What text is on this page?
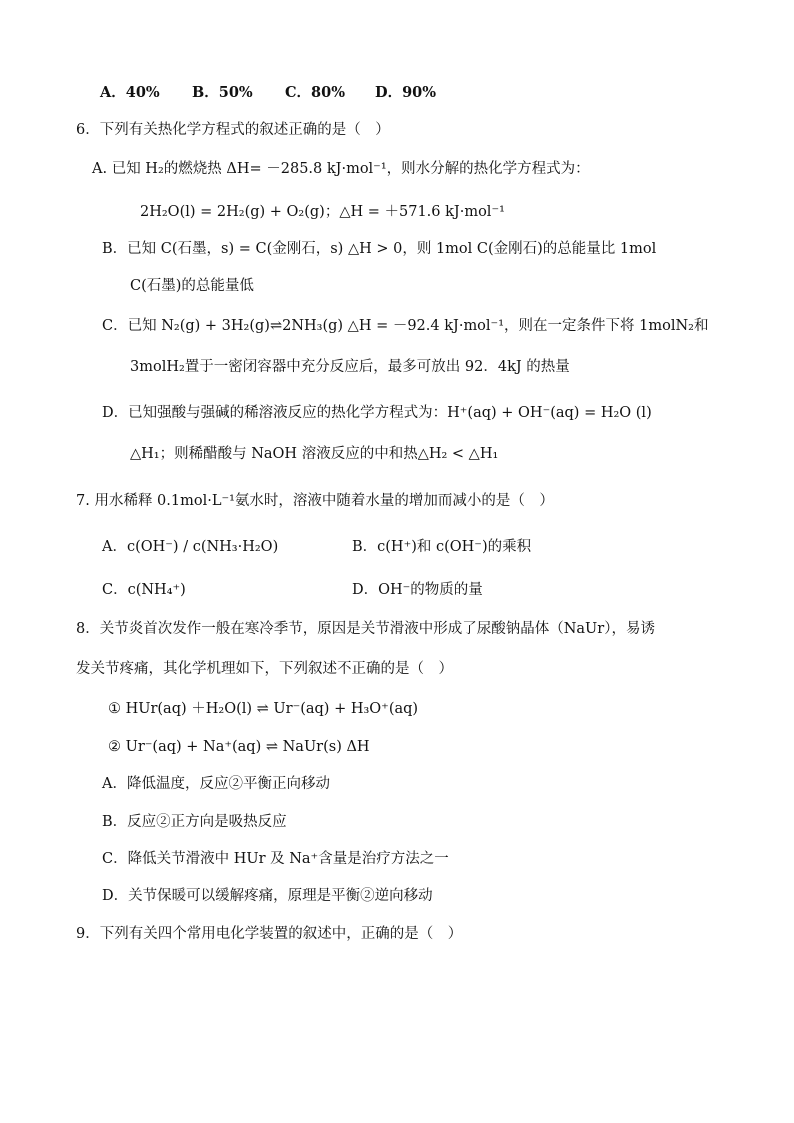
A．40% B．50% C．80% D．90%
6．下列有关热化学方程式的叙述正确的是（　）
A. 已知 H₂的燃烧热 ΔH= －285.8 kJ·mol⁻¹，则水分解的热化学方程式为：
2H₂O(l) = 2H₂(g) + O₂(g)；△H = ＋571.6 kJ·mol⁻¹
B．已知 C(石墨，s) = C(金刚石，s) △H > 0，则 1mol C(金刚石)的总能量比 1mol
C(石墨)的总能量低
C．已知 N₂(g) + 3H₂(g)⇌2NH₃(g) △H = －92.4 kJ·mol⁻¹，则在一定条件下将 1molN₂和
3molH₂置于一密闭容器中充分反应后，最多可放出 92．4kJ 的热量
D．已知强酸与强碱的稀溶液反应的热化学方程式为：H⁺(aq) + OH⁻(aq) = H₂O (l)
△H₁；则稀醋酸与 NaOH 溶液反应的中和热△H₂ < △H₁
7. 用水稀释 0.1mol·L⁻¹氨水时，溶液中随着水量的增加而减小的是（　）
A．c(OH⁻) / c(NH₃·H₂O)	B．c(H⁺)和 c(OH⁻)的乘积
C．c(NH₄⁺)	D．OH⁻的物质的量
8．关节炎首次发作一般在寒冷季节，原因是关节滑液中形成了尿酸钠晶体（NaUr），易诱
发关节疼痛，其化学机理如下，下列叙述不正确的是（　）
① HUr(aq) ＋H₂O(l) ⇌ Ur⁻(aq) + H₃O⁺(aq)
② Ur⁻(aq) + Na⁺(aq) ⇌ NaUr(s) ΔH
A．降低温度，反应②平衡正向移动
B．反应②正方向是吸热反应
C．降低关节滑液中 HUr 及 Na⁺含量是治疗方法之一
D．关节保暖可以缓解疼痛，原理是平衡②逆向移动
9．下列有关四个常用电化学装置的叙述中，正确的是（　）
